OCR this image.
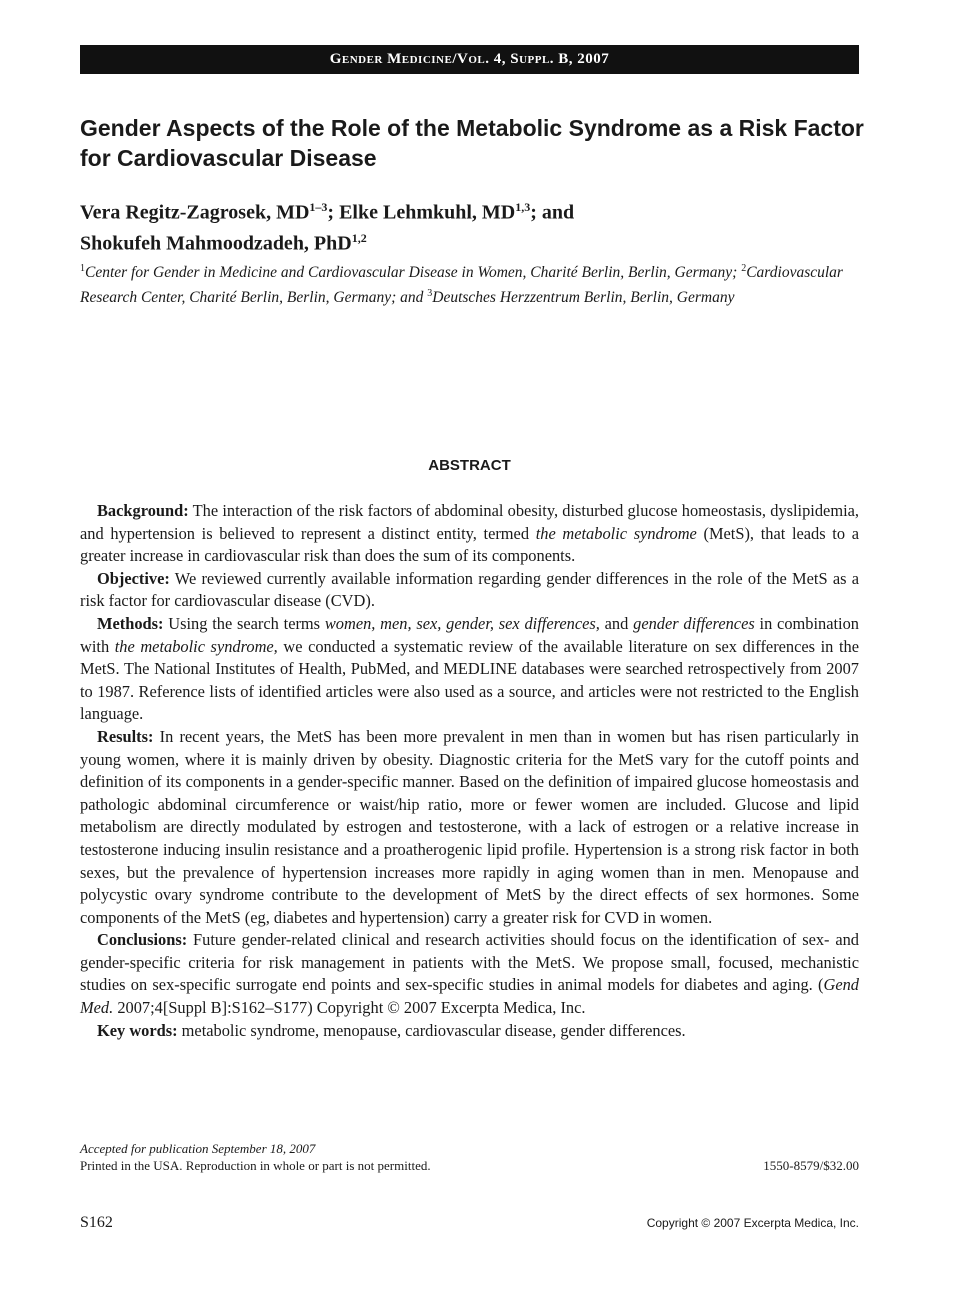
Gender Medicine/Vol. 4, Suppl. B, 2007
Gender Aspects of the Role of the Metabolic Syndrome as a Risk Factor for Cardiovascular Disease
Vera Regitz-Zagrosek, MD$^{1-3}$; Elke Lehmkuhl, MD$^{1,3}$; and
Shokufeh Mahmoodzadeh, PhD$^{1,2}$
$^1$Center for Gender in Medicine and Cardiovascular Disease in Women, Charité Berlin, Berlin, Germany; $^2$Cardiovascular Research Center, Charité Berlin, Berlin, Germany; and $^3$Deutsches Herzzentrum Berlin, Berlin, Germany
ABSTRACT

Background: The interaction of the risk factors of abdominal obesity, disturbed glucose homeostasis, dyslipidemia, and hypertension is believed to represent a distinct entity, termed the metabolic syndrome (MetS), that leads to a greater increase in cardiovascular risk than does the sum of its components.

Objective: We reviewed currently available information regarding gender differences in the role of the MetS as a risk factor for cardiovascular disease (CVD).

Methods: Using the search terms women, men, sex, gender, sex differences, and gender differences in combination with the metabolic syndrome, we conducted a systematic review of the available literature on sex differences in the MetS. The National Institutes of Health, PubMed, and MEDLINE databases were searched retrospectively from 2007 to 1987. Reference lists of identified articles were also used as a source, and articles were not restricted to the English language.

Results: In recent years, the MetS has been more prevalent in men than in women but has risen particularly in young women, where it is mainly driven by obesity. Diagnostic criteria for the MetS vary for the cutoff points and definition of its components in a gender-specific manner. Based on the definition of impaired glucose homeostasis and pathologic abdominal circumference or waist/hip ratio, more or fewer women are included. Glucose and lipid metabolism are directly modulated by estrogen and testosterone, with a lack of estrogen or a relative increase in testosterone inducing insulin resistance and a proatherogenic lipid profile. Hypertension is a strong risk factor in both sexes, but the prevalence of hypertension increases more rapidly in aging women than in men. Menopause and polycystic ovary syndrome contribute to the development of MetS by the direct effects of sex hormones. Some components of the MetS (eg, diabetes and hypertension) carry a greater risk for CVD in women.

Conclusions: Future gender-related clinical and research activities should focus on the identification of sex- and gender-specific criteria for risk management in patients with the MetS. We propose small, focused, mechanistic studies on sex-specific surrogate end points and sex-specific studies in animal models for diabetes and aging. (Gend Med. 2007;4[Suppl B]:S162–S177) Copyright © 2007 Excerpta Medica, Inc.

Key words: metabolic syndrome, menopause, cardiovascular disease, gender differences.

Accepted for publication September 18, 2007
Printed in the USA. Reproduction in whole or part is not permitted.	1550-8579/$32.00
S162	Copyright © 2007 Excerpta Medica, Inc.
